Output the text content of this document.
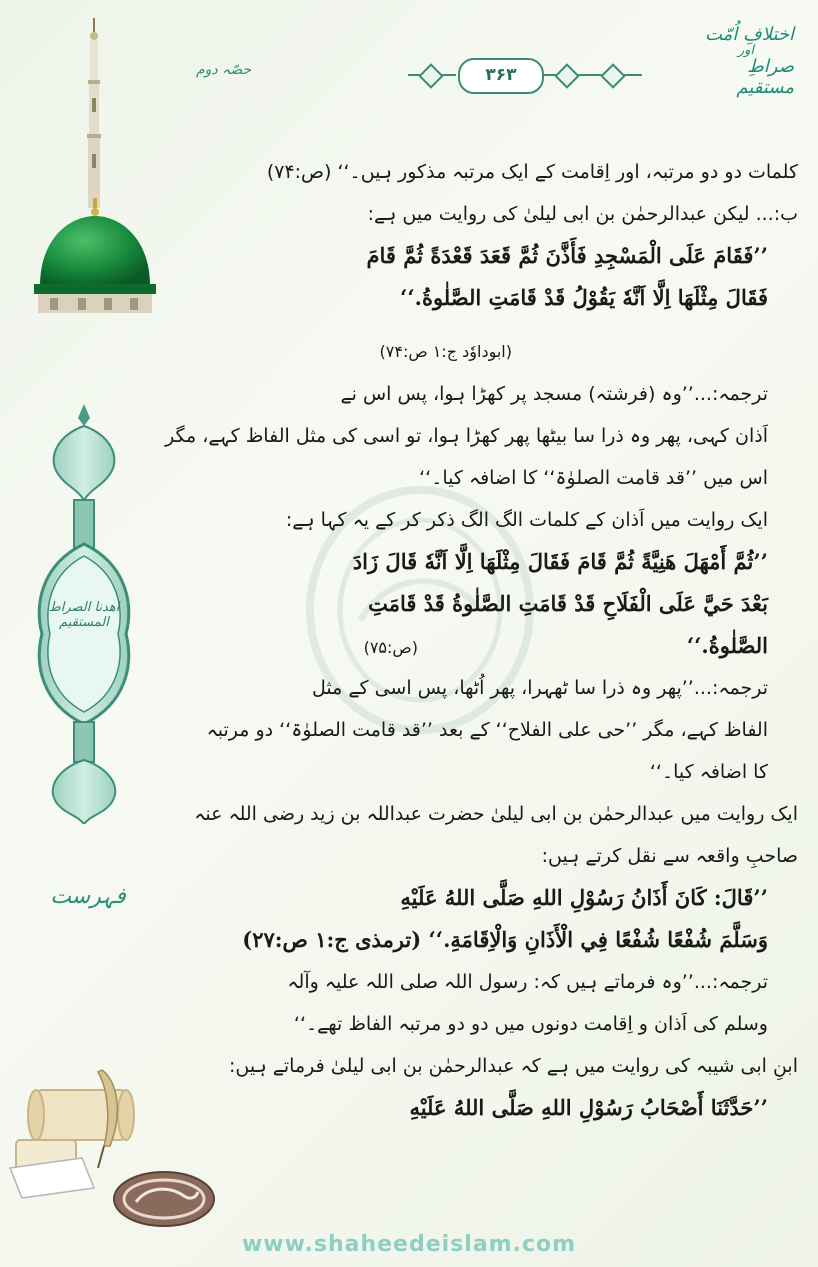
اختلافِ اُمّت
اور
صراطِ مستقیم
۳۶۳
حصّہ دوم
اهدنا الصراط المستقیم
فہرست
کلمات دو دو مرتبہ، اور اِقامت کے ایک مرتبہ مذکور ہیں۔‘‘ (ص:۷۴)
ب:... لیکن عبدالرحمٰن بن ابی لیلیٰ کی روایت میں ہے:
’’فَقَامَ عَلَى الْمَسْجِدِ فَأَذَّنَ ثُمَّ قَعَدَ قَعْدَةً ثُمَّ قَامَ
فَقَالَ مِثْلَهَا اِلَّا اَنَّهٗ يَقُوْلُ قَدْ قَامَتِ الصَّلٰوةُ.‘‘
(ابوداوٗد ج:۱ ص:۷۴)
ترجمہ:...’’وہ (فرشتہ) مسجد پر کھڑا ہوا، پس اس نے
اَذان کہی، پھر وہ ذرا سا بیٹھا پھر کھڑا ہوا، تو اسی کی مثل الفاظ کہے، مگر
اس میں ’’قد قامت الصلوٰۃ‘‘ کا اضافہ کیا۔‘‘
ایک روایت میں اَذان کے کلمات الگ الگ ذکر کر کے یہ کہا ہے:
’’ثُمَّ أَمْهَلَ هَنِيَّةً ثُمَّ قَامَ فَقَالَ مِثْلَهَا اِلَّا اَنَّهٗ قَالَ زَادَ
بَعْدَ حَيَّ عَلَى الْفَلَاحِ قَدْ قَامَتِ الصَّلٰوةُ قَدْ قَامَتِ
الصَّلٰوةُ.‘‘
(ص:۷۵)
ترجمہ:...’’پھر وہ ذرا سا ٹھہرا، پھر اُٹھا، پس اسی کے مثل
الفاظ کہے، مگر ’’حی علی الفلاح‘‘ کے بعد ’’قد قامت الصلوٰۃ‘‘ دو مرتبہ
کا اضافہ کیا۔‘‘
ایک روایت میں عبدالرحمٰن بن ابی لیلیٰ حضرت عبداللہ بن زید رضی اللہ عنہ
صاحبِ واقعہ سے نقل کرتے ہیں:
’’قَالَ: كَانَ أَذَانُ رَسُوْلِ اللهِ صَلَّى اللهُ عَلَيْهِ
وَسَلَّمَ شُفْعًا شُفْعًا فِي الْأَذَانِ وَالْاِقَامَةِ.‘‘ (ترمذی ج:۱ ص:۲۷)
ترجمہ:...’’وہ فرماتے ہیں کہ: رسول اللہ صلی اللہ علیہ وآلہ
وسلم کی اَذان و اِقامت دونوں میں دو دو مرتبہ الفاظ تھے۔‘‘
ابنِ ابی شیبہ کی روایت میں ہے کہ عبدالرحمٰن بن ابی لیلیٰ فرماتے ہیں:
’’حَدَّثَنَا أَصْحَابُ رَسُوْلِ اللهِ صَلَّى اللهُ عَلَيْهِ
www.shaheedeislam.com
